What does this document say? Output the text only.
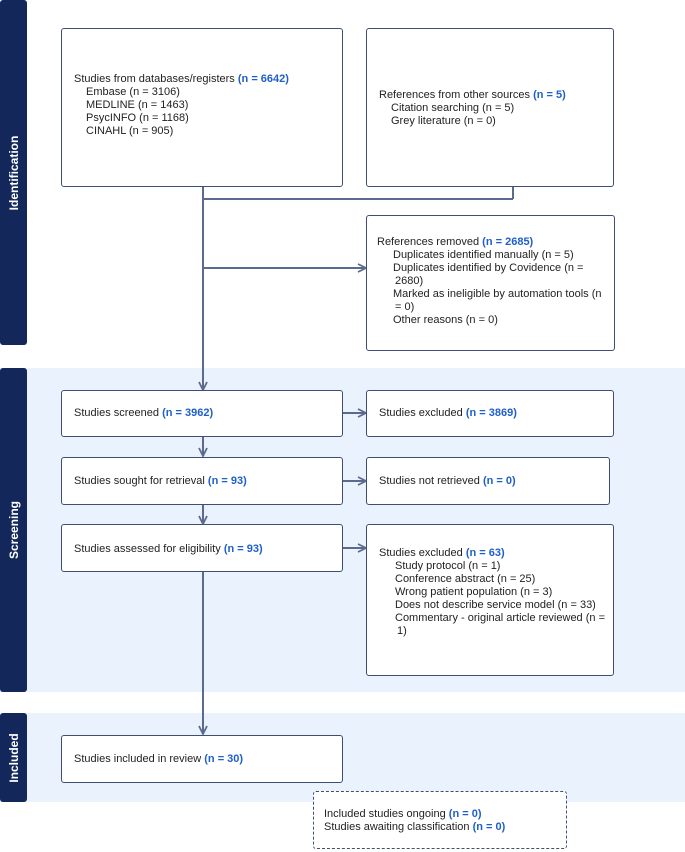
Identification
Screening
Included
Studies from databases/registers (n = 6642)
Embase (n = 3106)
MEDLINE (n = 1463)
PsycINFO (n = 1168)
CINAHL (n = 905)
References from other sources (n = 5)
Citation searching (n = 5)
Grey literature (n = 0)
References removed (n = 2685)
Duplicates identified manually (n = 5)
Duplicates identified by Covidence (n = 2680)
Marked as ineligible by automation tools (n = 0)
Other reasons (n = 0)
Studies screened (n = 3962)	Studies excluded (n = 3869)
Studies sought for retrieval (n = 93)	Studies not retrieved (n = 0)
Studies assessed for eligibility (n = 93)	Studies excluded (n = 63)
Study protocol (n = 1)
Conference abstract (n = 25)
Wrong patient population (n = 3)
Does not describe service model (n = 33)
Commentary - original article reviewed (n = 1)
Studies included in review (n = 30)
Included studies ongoing (n = 0)
Studies awaiting classification (n = 0)
